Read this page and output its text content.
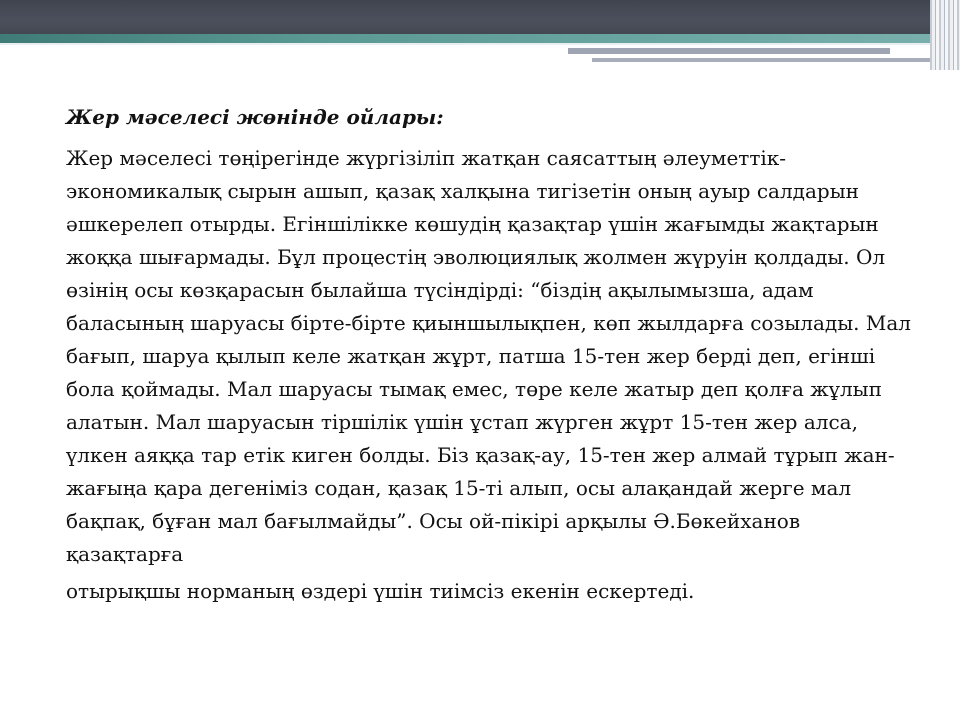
Жер мәселесі жөнінде ойлары:

Жер мәселесі төңірегінде жүргізіліп жатқан саясаттың әлеуметтік-экономикалық сырын ашып, қазақ халқына тигізетін оның ауыр салдарын әшкерелеп отырды. Егіншілікке көшудің қазақтар үшін жағымды жақтарын жоққа шығармады. Бұл процестің эволюциялық жолмен жүруін қолдады. Ол өзінің осы көзқарасын былайша түсіндірді: “біздің ақылымызша, адам баласының шаруасы бірте-бірте қиыншылықпен, көп жылдарға созылады. Мал бағып, шаруа қылып келе жатқан жұрт, патша 15-тен жер берді деп, егінші бола қоймады. Мал шаруасы тымақ емес, төре келе жатыр деп қолға жұлып алатын. Мал шаруасын тіршілік үшін ұстап жүрген жұрт 15-тен жер алса, үлкен аяққа тар етік киген болды. Біз қазақ-ау, 15-тен жер алмай тұрып жан-жағыңа қара дегеніміз содан, қазақ 15-ті алып, осы алақандай жерге мал бақпақ, бұған мал бағылмайды”. Осы ой-пікірі арқылы Ә.Бөкейханов қазақтарға

отырықшы норманың өздері үшін тиімсіз екенін ескертеді.
